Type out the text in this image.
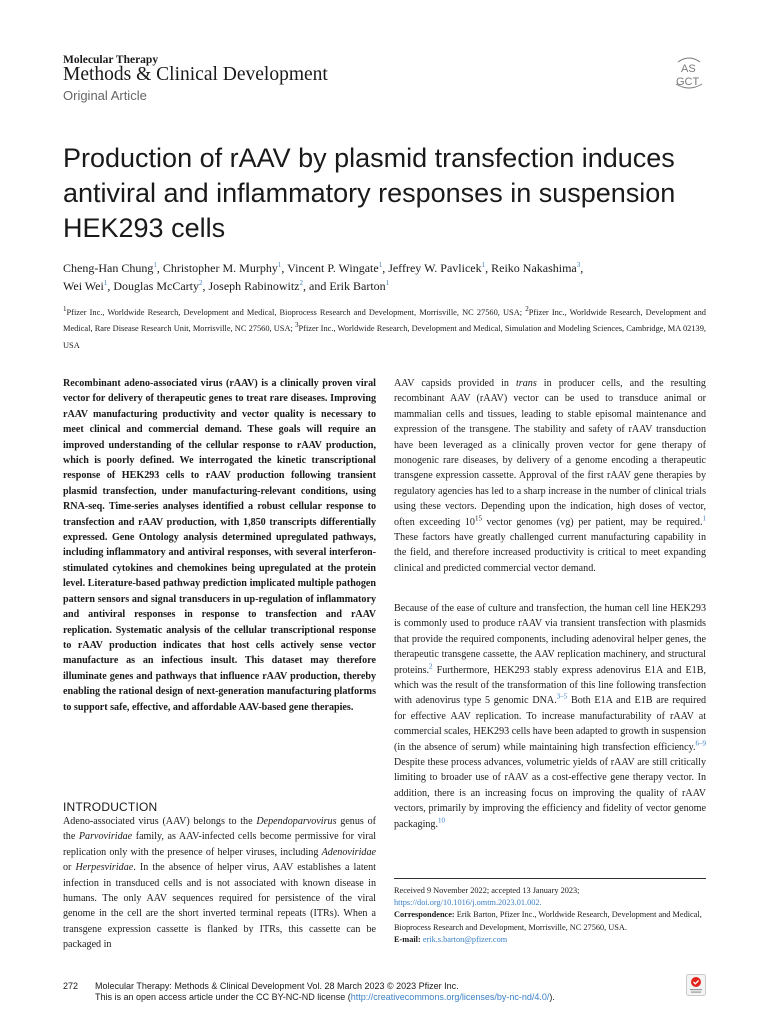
Molecular Therapy
Methods & Clinical Development
Original Article
AS
GCT
Production of rAAV by plasmid transfection induces antiviral and inflammatory responses in suspension HEK293 cells
Cheng-Han Chung$^1$, Christopher M. Murphy$^1$, Vincent P. Wingate$^1$, Jeffrey W. Pavlicek$^1$, Reiko Nakashima$^3$,
Wei Wei$^1$, Douglas McCarty$^2$, Joseph Rabinowitz$^2$, and Erik Barton$^1$
$^1$Pfizer Inc., Worldwide Research, Development and Medical, Bioprocess Research and Development, Morrisville, NC 27560, USA; $^2$Pfizer Inc., Worldwide Research, Development and Medical, Rare Disease Research Unit, Morrisville, NC 27560, USA; $^3$Pfizer Inc., Worldwide Research, Development and Medical, Simulation and Modeling Sciences, Cambridge, MA 02139, USA
Recombinant adeno-associated virus (rAAV) is a clinically proven viral vector for delivery of therapeutic genes to treat rare diseases. Improving rAAV manufacturing productivity and vector quality is necessary to meet clinical and commercial demand. These goals will require an improved understanding of the cellular response to rAAV production, which is poorly defined. We interrogated the kinetic transcriptional response of HEK293 cells to rAAV production following transient plasmid transfection, under manufacturing-relevant conditions, using RNA-seq. Time-series analyses identified a robust cellular response to transfection and rAAV production, with 1,850 transcripts differentially expressed. Gene Ontology analysis determined upregulated pathways, including inflammatory and antiviral responses, with several interferon-stimulated cytokines and chemokines being upregulated at the protein level. Literature-based pathway prediction implicated multiple pathogen pattern sensors and signal transducers in up-regulation of inflammatory and antiviral responses in response to transfection and rAAV replication. Systematic analysis of the cellular transcriptional response to rAAV production indicates that host cells actively sense vector manufacture as an infectious insult. This dataset may therefore illuminate genes and pathways that influence rAAV production, thereby enabling the rational design of next-generation manufacturing platforms to support safe, effective, and affordable AAV-based gene therapies.
INTRODUCTION
Adeno-associated virus (AAV) belongs to the Dependoparvovirus genus of the Parvoviridae family, as AAV-infected cells become permissive for viral replication only with the presence of helper viruses, including Adenoviridae or Herpesviridae. In the absence of helper virus, AAV establishes a latent infection in transduced cells and is not associated with known disease in humans. The only AAV sequences required for persistence of the viral genome in the cell are the short inverted terminal repeats (ITRs). When a transgene expression cassette is flanked by ITRs, this cassette can be packaged in
AAV capsids provided in trans in producer cells, and the resulting recombinant AAV (rAAV) vector can be used to transduce animal or mammalian cells and tissues, leading to stable episomal maintenance and expression of the transgene. The stability and safety of rAAV transduction have been leveraged as a clinically proven vector for gene therapy of monogenic rare diseases, by delivery of a genome encoding a therapeutic transgene expression cassette. Approval of the first rAAV gene therapies by regulatory agencies has led to a sharp increase in the number of clinical trials using these vectors. Depending upon the indication, high doses of vector, often exceeding $10^{15}$ vector genomes (vg) per patient, may be required.$^1$ These factors have greatly challenged current manufacturing capability in the field, and therefore increased productivity is critical to meet expanding clinical and predicted commercial vector demand.
Because of the ease of culture and transfection, the human cell line HEK293 is commonly used to produce rAAV via transient transfection with plasmids that provide the required components, including adenoviral helper genes, the therapeutic transgene cassette, the AAV replication machinery, and structural proteins.$^2$ Furthermore, HEK293 stably express adenovirus E1A and E1B, which was the result of the transformation of this line following transfection with adenovirus type 5 genomic DNA.$^{3-5}$ Both E1A and E1B are required for effective AAV replication. To increase manufacturability of rAAV at commercial scales, HEK293 cells have been adapted to growth in suspension (in the absence of serum) while maintaining high transfection efficiency.$^{6-9}$ Despite these process advances, volumetric yields of rAAV are still critically limiting to broader use of rAAV as a cost-effective gene therapy vector. In addition, there is an increasing focus on improving the quality of rAAV vectors, primarily by improving the efficiency and fidelity of vector genome packaging.$^{10}$

Received 9 November 2022; accepted 13 January 2023;

https://doi.org/10.1016/j.omtm.2023.01.002.

Correspondence: Erik Barton, Pfizer Inc., Worldwide Research, Development and Medical, Bioprocess Research and Development, Morrisville, NC 27560, USA.

E-mail: erik.s.barton@pfizer.com

272 Molecular Therapy: Methods & Clinical Development Vol. 28 March 2023 © 2023 Pfizer Inc.
This is an open access article under the CC BY-NC-ND license (http://creativecommons.org/licenses/by-nc-nd/4.0/).
